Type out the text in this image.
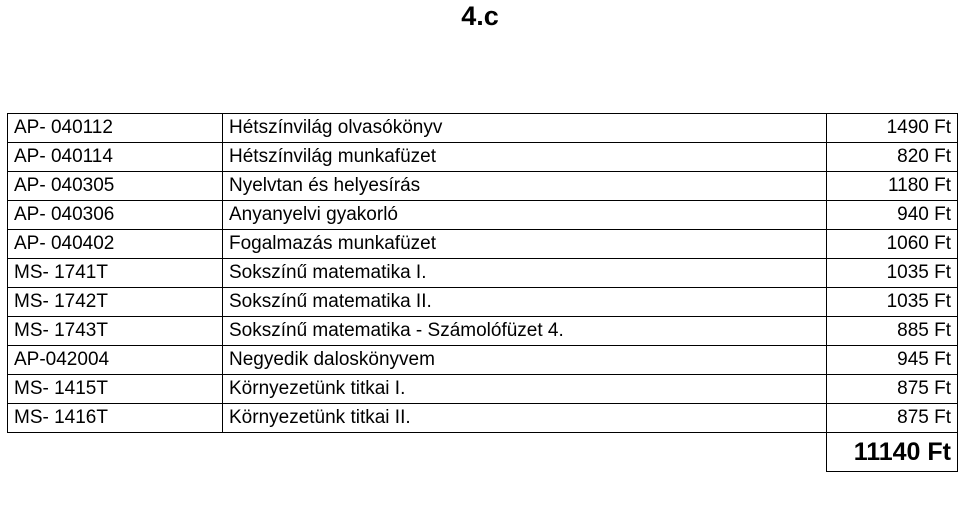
4.c
AP- 040112	Hétszínvilág olvasókönyv	1490 Ft
AP- 040114	Hétszínvilág munkafüzet	820 Ft
AP- 040305	Nyelvtan és helyesírás	1180 Ft
AP- 040306	Anyanyelvi gyakorló	940 Ft
AP- 040402	Fogalmazás munkafüzet	1060 Ft
MS- 1741T	Sokszínű matematika I.	1035 Ft
MS- 1742T	Sokszínű matematika II.	1035 Ft
MS- 1743T	Sokszínű matematika - Számolófüzet 4.	885 Ft
AP-042004	Negyedik daloskönyvem	945 Ft
MS- 1415T	Környezetünk titkai I.	875 Ft
MS- 1416T	Környezetünk titkai II.	875 Ft
		11140 Ft
